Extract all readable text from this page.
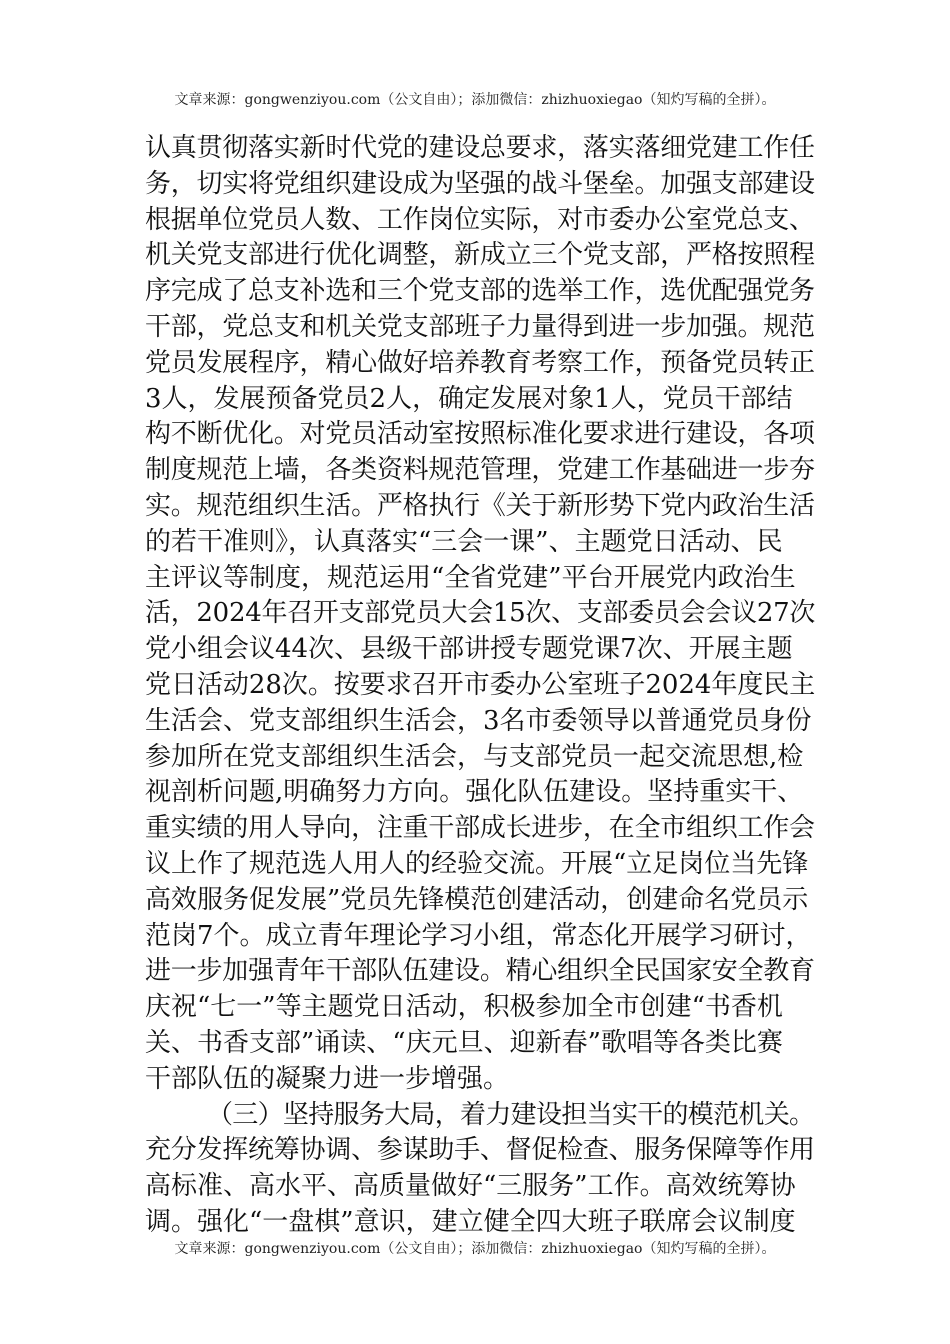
文章来源：gongwenziyou.com（公文自由）；添加微信：zhizhuoxiegao（知灼写稿的全拼）。
认真贯彻落实新时代党的建设总要求，落实落细党建工作任
务，切实将党组织建设成为坚强的战斗堡垒。加强支部建设
根据单位党员人数、工作岗位实际，对市委办公室党总支、
机关党支部进行优化调整，新成立三个党支部，严格按照程
序完成了总支补选和三个党支部的选举工作，选优配强党务
干部，党总支和机关党支部班子力量得到进一步加强。规范
党员发展程序，精心做好培养教育考察工作，预备党员转正
3人，发展预备党员2人，确定发展对象1人，党员干部结
构不断优化。对党员活动室按照标准化要求进行建设，各项
制度规范上墙，各类资料规范管理，党建工作基础进一步夯
实。规范组织生活。严格执行《关于新形势下党内政治生活
的若干准则》，认真落实“三会一课”、主题党日活动、民
主评议等制度，规范运用“全省党建”平台开展党内政治生
活，2024年召开支部党员大会15次、支部委员会会议27次
党小组会议44次、县级干部讲授专题党课7次、开展主题
党日活动28次。按要求召开市委办公室班子2024年度民主
生活会、党支部组织生活会，3名市委领导以普通党员身份
参加所在党支部组织生活会，与支部党员一起交流思想,检
视剖析问题,明确努力方向。强化队伍建设。坚持重实干、
重实绩的用人导向，注重干部成长进步，在全市组织工作会
议上作了规范选人用人的经验交流。开展“立足岗位当先锋
高效服务促发展”党员先锋模范创建活动，创建命名党员示
范岗7个。成立青年理论学习小组，常态化开展学习研讨，
进一步加强青年干部队伍建设。精心组织全民国家安全教育
庆祝“七一”等主题党日活动，积极参加全市创建“书香机
关、书香支部”诵读、“庆元旦、迎新春”歌唱等各类比赛
干部队伍的凝聚力进一步增强。
（三）坚持服务大局，着力建设担当实干的模范机关。
充分发挥统筹协调、参谋助手、督促检查、服务保障等作用
高标准、高水平、高质量做好“三服务”工作。高效统筹协
调。强化“一盘棋”意识，建立健全四大班子联席会议制度
文章来源：gongwenziyou.com（公文自由）；添加微信：zhizhuoxiegao（知灼写稿的全拼）。
